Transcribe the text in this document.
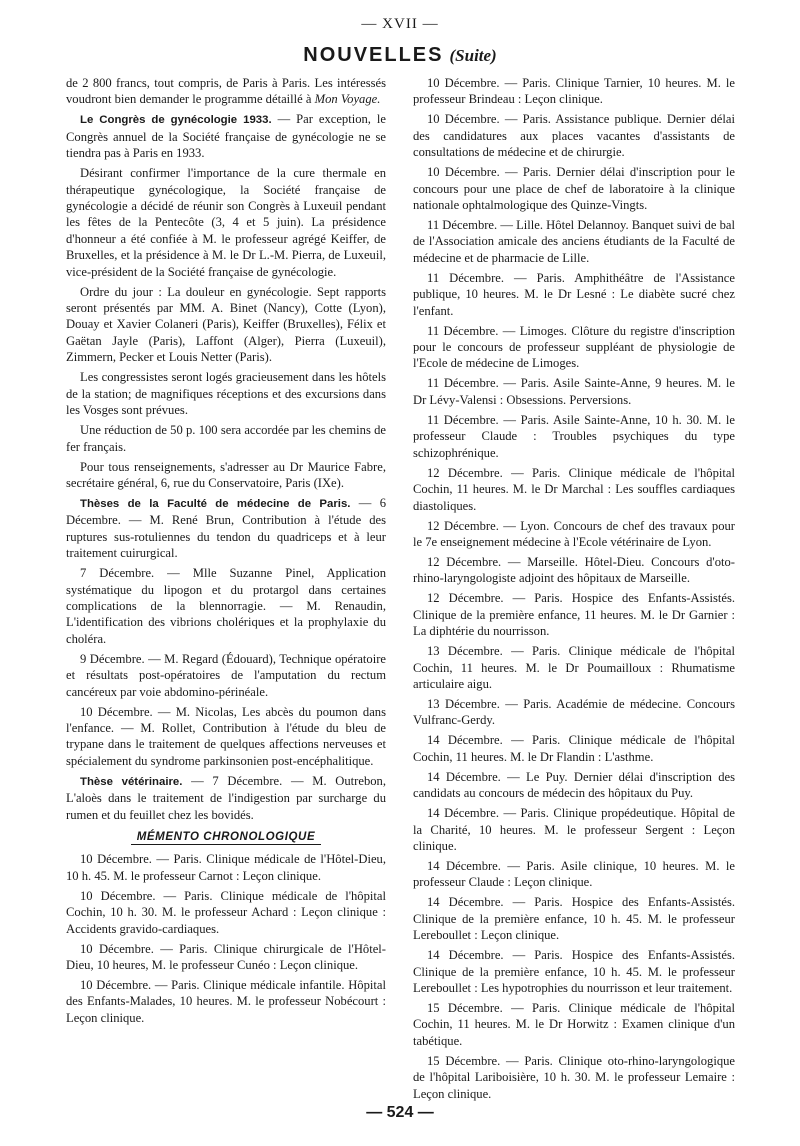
— XVII —
NOUVELLES (Suite)

de 2 800 francs, tout compris, de Paris à Paris. Les intéressés voudront bien demander le programme détaillé à Mon Voyage.

Le Congrès de gynécologie 1933. — Par exception, le Congrès annuel de la Société française de gynécologie ne se tiendra pas à Paris en 1933.

Désirant confirmer l'importance de la cure thermale en thérapeutique gynécologique, la Société française de gynécologie a décidé de réunir son Congrès à Luxeuil pendant les fêtes de la Pentecôte (3, 4 et 5 juin). La présidence d'honneur a été confiée à M. le professeur agrégé Keiffer, de Bruxelles, et la présidence à M. le Dr L.-M. Pierra, de Luxeuil, vice-président de la Société française de gynécologie.

Ordre du jour : La douleur en gynécologie. Sept rapports seront présentés par MM. A. Binet (Nancy), Cotte (Lyon), Douay et Xavier Colaneri (Paris), Keiffer (Bruxelles), Félix et Gaëtan Jayle (Paris), Laffont (Alger), Pierra (Luxeuil), Zimmern, Pecker et Louis Netter (Paris).

Les congressistes seront logés gracieusement dans les hôtels de la station; de magnifiques réceptions et des excursions dans les Vosges sont prévues.

Une réduction de 50 p. 100 sera accordée par les chemins de fer français.

Pour tous renseignements, s'adresser au Dr Maurice Fabre, secrétaire général, 6, rue du Conservatoire, Paris (IXe).

Thèses de la Faculté de médecine de Paris. — 6 Décembre. — M. René Brun, Contribution à l'étude des ruptures sus-rotuliennes du tendon du quadriceps et à leur traitement cuirurgical.

7 Décembre. — Mlle Suzanne Pinel, Application systématique du lipogon et du protargol dans certaines complications de la blennorragie. — M. Renaudin, L'identification des vibrions cholériques et la prophylaxie du choléra.

9 Décembre. — M. Regard (Édouard), Technique opératoire et résultats post-opératoires de l'amputation du rectum cancéreux par voie abdomino-périnéale.

10 Décembre. — M. Nicolas, Les abcès du poumon dans l'enfance. — M. Rollet, Contribution à l'étude du bleu de trypane dans le traitement de quelques affections nerveuses et spécialement du syndrome parkinsonien post-encéphalitique.

Thèse vétérinaire. — 7 Décembre. — M. Outrebon, L'aloès dans le traitement de l'indigestion par surcharge du rumen et du feuillet chez les bovidés.

MÉMENTO CHRONOLOGIQUE

10 Décembre. — Paris. Clinique médicale de l'Hôtel-Dieu, 10 h. 45. M. le professeur Carnot : Leçon clinique.

10 Décembre. — Paris. Clinique médicale de l'hôpital Cochin, 10 h. 30. M. le professeur Achard : Leçon clinique : Accidents gravido-cardiaques.

10 Décembre. — Paris. Clinique chirurgicale de l'Hôtel-Dieu, 10 heures, M. le professeur Cunéo : Leçon clinique.

10 Décembre. — Paris. Clinique médicale infantile. Hôpital des Enfants-Malades, 10 heures. M. le professeur Nobécourt : Leçon clinique.

10 Décembre. — Paris. Clinique Tarnier, 10 heures. M. le professeur Brindeau : Leçon clinique.

10 Décembre. — Paris. Assistance publique. Dernier délai des candidatures aux places vacantes d'assistants de consultations de médecine et de chirurgie.

10 Décembre. — Paris. Dernier délai d'inscription pour le concours pour une place de chef de laboratoire à la clinique nationale ophtalmologique des Quinze-Vingts.

11 Décembre. — Lille. Hôtel Delannoy. Banquet suivi de bal de l'Association amicale des anciens étudiants de la Faculté de médecine et de pharmacie de Lille.

11 Décembre. — Paris. Amphithéâtre de l'Assistance publique, 10 heures. M. le Dr Lesné : Le diabète sucré chez l'enfant.

11 Décembre. — Limoges. Clôture du registre d'inscription pour le concours de professeur suppléant de physiologie de l'Ecole de médecine de Limoges.

11 Décembre. — Paris. Asile Sainte-Anne, 9 heures. M. le Dr Lévy-Valensi : Obsessions. Perversions.

11 Décembre. — Paris. Asile Sainte-Anne, 10 h. 30. M. le professeur Claude : Troubles psychiques du type schizophrénique.

12 Décembre. — Paris. Clinique médicale de l'hôpital Cochin, 11 heures. M. le Dr Marchal : Les souffles cardiaques diastoliques.

12 Décembre. — Lyon. Concours de chef des travaux pour le 7e enseignement médecine à l'Ecole vétérinaire de Lyon.

12 Décembre. — Marseille. Hôtel-Dieu. Concours d'oto-rhino-laryngologiste adjoint des hôpitaux de Marseille.

12 Décembre. — Paris. Hospice des Enfants-Assistés. Clinique de la première enfance, 11 heures. M. le Dr Garnier : La diphtérie du nourrisson.

13 Décembre. — Paris. Clinique médicale de l'hôpital Cochin, 11 heures. M. le Dr Poumailloux : Rhumatisme articulaire aigu.

13 Décembre. — Paris. Académie de médecine. Concours Vulfranc-Gerdy.

14 Décembre. — Paris. Clinique médicale de l'hôpital Cochin, 11 heures. M. le Dr Flandin : L'asthme.

14 Décembre. — Le Puy. Dernier délai d'inscription des candidats au concours de médecin des hôpitaux du Puy.

14 Décembre. — Paris. Clinique propédeutique. Hôpital de la Charité, 10 heures. M. le professeur Sergent : Leçon clinique.

14 Décembre. — Paris. Asile clinique, 10 heures. M. le professeur Claude : Leçon clinique.

14 Décembre. — Paris. Hospice des Enfants-Assistés. Clinique de la première enfance, 10 h. 45. M. le professeur Lereboullet : Leçon clinique.

14 Décembre. — Paris. Hospice des Enfants-Assistés. Clinique de la première enfance, 10 h. 45. M. le professeur Lereboullet : Les hypotrophies du nourrisson et leur traitement.

15 Décembre. — Paris. Clinique médicale de l'hôpital Cochin, 11 heures. M. le Dr Horwitz : Examen clinique d'un tabétique.

15 Décembre. — Paris. Clinique oto-rhino-laryngologique de l'hôpital Lariboisière, 10 h. 30. M. le professeur Lemaire : Leçon clinique.

— 524 —
